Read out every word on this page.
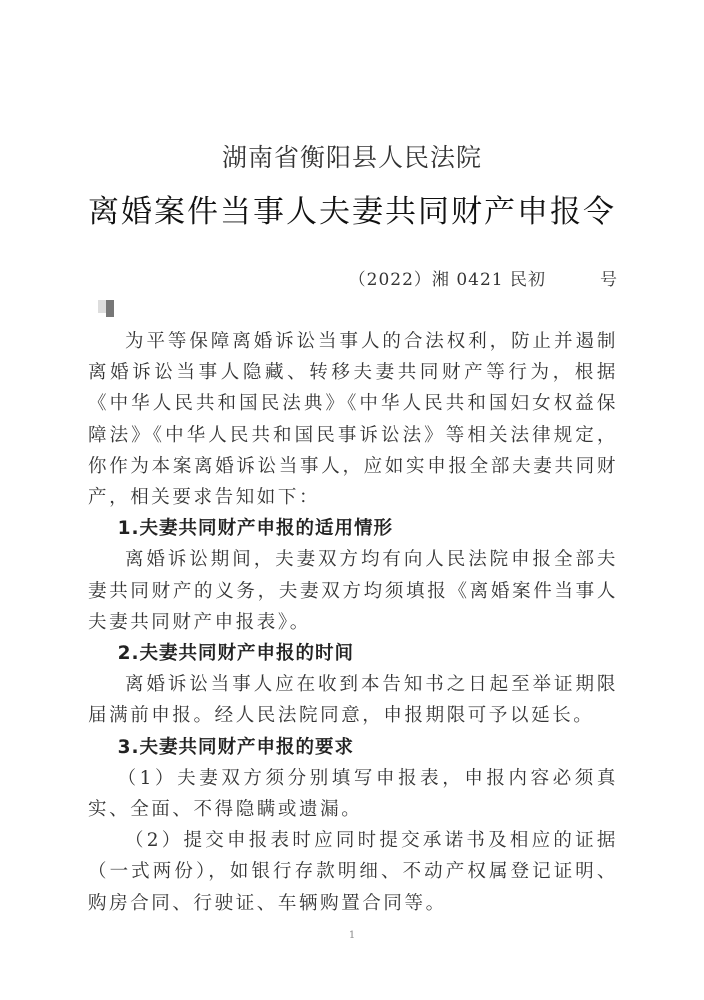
湖南省衡阳县人民法院
离婚案件当事人夫妻共同财产申报令
（2022）湘 0421 民初	号

为平等保障离婚诉讼当事人的合法权利，防止并遏制离婚诉讼当事人隐藏、转移夫妻共同财产等行为，根据《中华人民共和国民法典》《中华人民共和国妇女权益保障法》《中华人民共和国民事诉讼法》等相关法律规定，你作为本案离婚诉讼当事人，应如实申报全部夫妻共同财产，相关要求告知如下：

1.夫妻共同财产申报的适用情形

离婚诉讼期间，夫妻双方均有向人民法院申报全部夫妻共同财产的义务，夫妻双方均须填报《离婚案件当事人夫妻共同财产申报表》。

2.夫妻共同财产申报的时间

离婚诉讼当事人应在收到本告知书之日起至举证期限届满前申报。经人民法院同意，申报期限可予以延长。

3.夫妻共同财产申报的要求

（1）夫妻双方须分别填写申报表，申报内容必须真实、全面、不得隐瞒或遗漏。

（2）提交申报表时应同时提交承诺书及相应的证据（一式两份），如银行存款明细、不动产权属登记证明、购房合同、行驶证、车辆购置合同等。

1
